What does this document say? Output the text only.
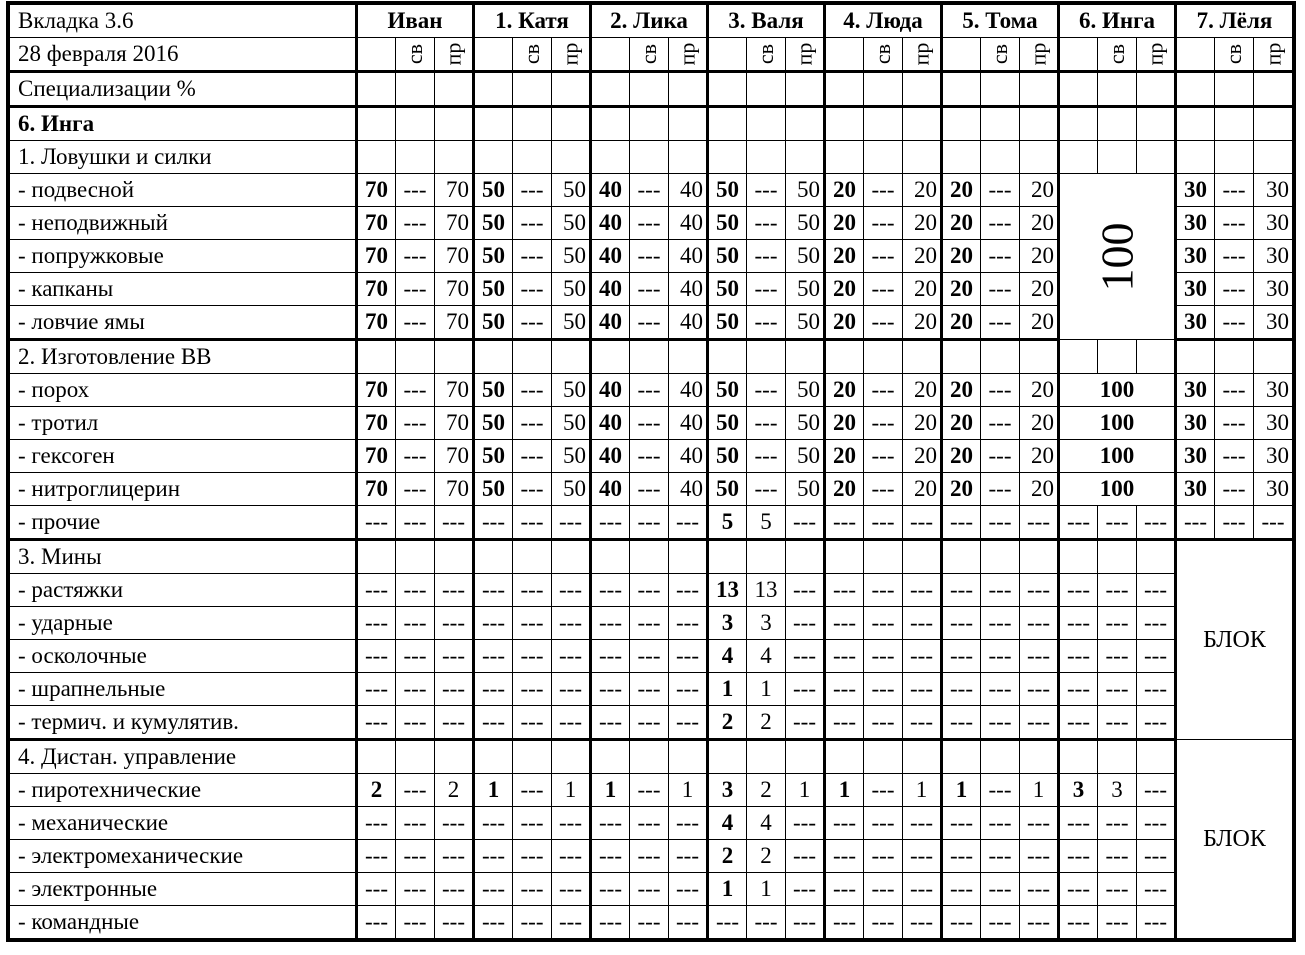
Вкладка 3.6	Иван			1. Катя			2. Лика			3. Валя			4. Люда			5. Тома			6. Инга			7. Лёля		
28 февраля 2016		св	пр		св	пр		св	пр		св	пр		св	пр		св	пр		св	пр		св	пр
Специализации %																								
6. Инга																								
1. Ловушки и силки																								
- подвесной	70	---	70	50	---	50	40	---	40	50	---	50	20	---	20	20	---	20	100			30	---	30
- неподвижный	70	---	70	50	---	50	40	---	40	50	---	50	20	---	20	20	---	20				30	---	30
- попружковые	70	---	70	50	---	50	40	---	40	50	---	50	20	---	20	20	---	20				30	---	30
- капканы	70	---	70	50	---	50	40	---	40	50	---	50	20	---	20	20	---	20				30	---	30
- ловчие ямы	70	---	70	50	---	50	40	---	40	50	---	50	20	---	20	20	---	20				30	---	30
2. Изготовление ВВ																								
- порох	70	---	70	50	---	50	40	---	40	50	---	50	20	---	20	20	---	20	100			30	---	30
- тротил	70	---	70	50	---	50	40	---	40	50	---	50	20	---	20	20	---	20	100			30	---	30
- гексоген	70	---	70	50	---	50	40	---	40	50	---	50	20	---	20	20	---	20	100			30	---	30
- нитроглицерин	70	---	70	50	---	50	40	---	40	50	---	50	20	---	20	20	---	20	100			30	---	30
- прочие	---	---	---	---	---	---	---	---	---	5	5	---	---	---	---	---	---	---	---	---	---	---	---	---
3. Мины																						БЛОК		
- растяжки	---	---	---	---	---	---	---	---	---	13	13	---	---	---	---	---	---	---	---	---	---			
- ударные	---	---	---	---	---	---	---	---	---	3	3	---	---	---	---	---	---	---	---	---	---			
- осколочные	---	---	---	---	---	---	---	---	---	4	4	---	---	---	---	---	---	---	---	---	---			
- шрапнельные	---	---	---	---	---	---	---	---	---	1	1	---	---	---	---	---	---	---	---	---	---			
- термич. и кумулятив.	---	---	---	---	---	---	---	---	---	2	2	---	---	---	---	---	---	---	---	---	---			
4. Дистан. управление																						БЛОК		
- пиротехнические	2	---	2	1	---	1	1	---	1	3	2	1	1	---	1	1	---	1	3	3	---			
- механические	---	---	---	---	---	---	---	---	---	4	4	---	---	---	---	---	---	---	---	---	---			
- электромеханические	---	---	---	---	---	---	---	---	---	2	2	---	---	---	---	---	---	---	---	---	---			
- электронные	---	---	---	---	---	---	---	---	---	1	1	---	---	---	---	---	---	---	---	---	---			
- командные	---	---	---	---	---	---	---	---	---	---	---	---	---	---	---	---	---	---	---	---	---			
